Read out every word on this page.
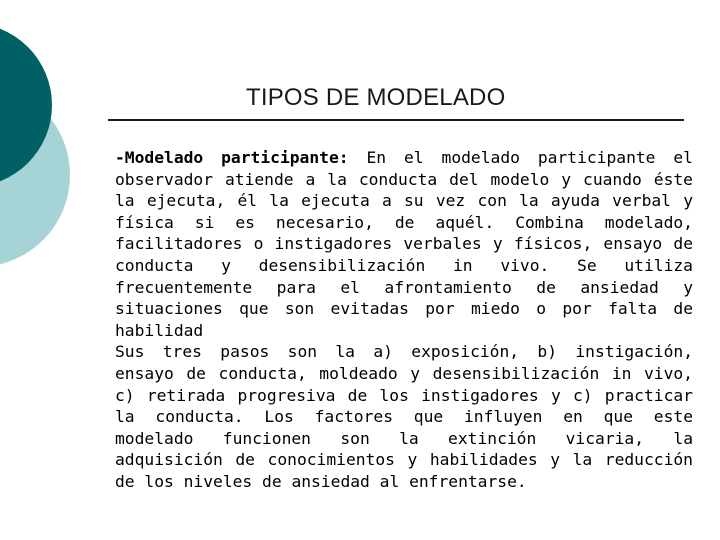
TIPOS DE MODELADO

-Modelado participante: En el modelado participante el observador atiende a la conducta del modelo y cuando éste la ejecuta, él la ejecuta a su vez con la ayuda verbal y física si es necesario, de aquél. Combina modelado, facilitadores o instigadores verbales y físicos, ensayo de conducta y desensibilización in vivo. Se utiliza frecuentemente para el afrontamiento de ansiedad y situaciones que son evitadas por miedo o por falta de habilidad

Sus tres pasos son la a) exposición, b) instigación, ensayo de conducta, moldeado y desensibilización in vivo, c) retirada progresiva de los instigadores y c) practicar la conducta. Los factores que influyen en que este modelado funcionen son la extinción vicaria, la adquisición de conocimientos y habilidades y la reducción de los niveles de ansiedad al enfrentarse.
